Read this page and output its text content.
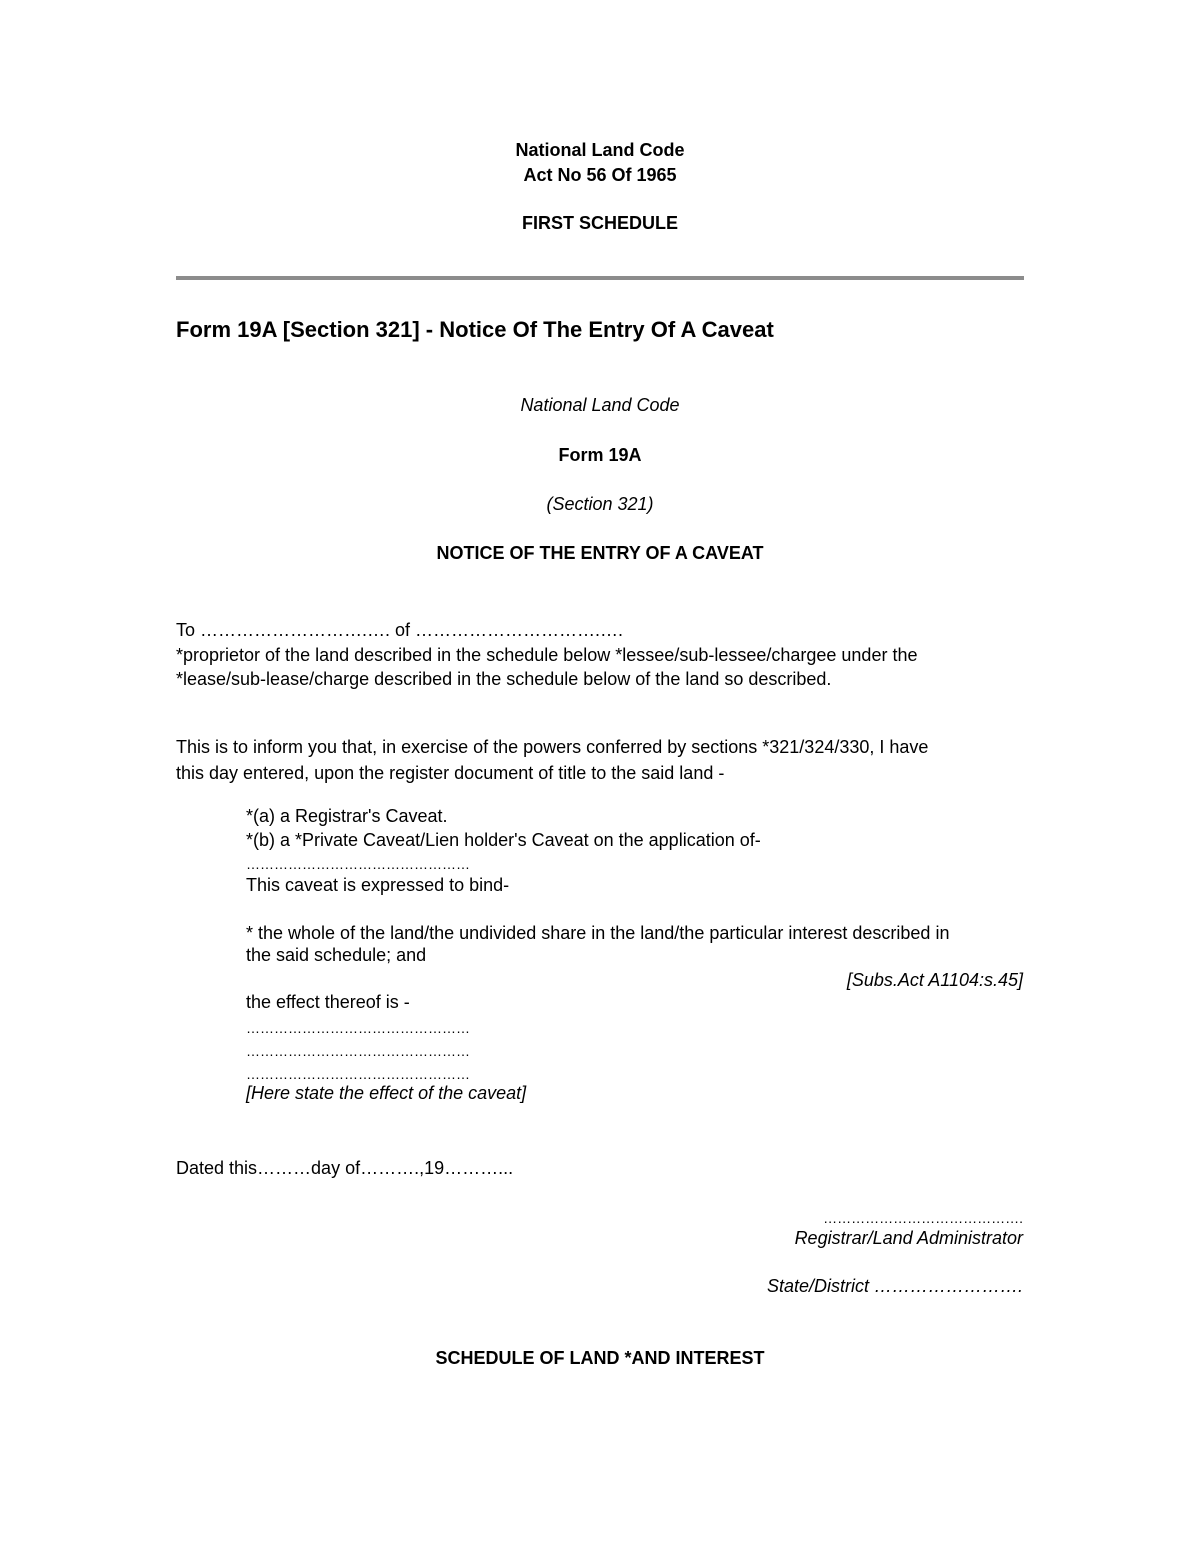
National Land Code
Act No 56 Of 1965
FIRST SCHEDULE
Form 19A [Section 321] - Notice Of The Entry Of A Caveat
National Land Code
Form 19A
(Section 321)
NOTICE OF THE ENTRY OF A CAVEAT
To ……………………….…. of ………………………….….
*proprietor of the land described in the schedule below *lessee/sub-lessee/chargee under the
*lease/sub-lease/charge described in the schedule below of the land so described.
This is to inform you that, in exercise of the powers conferred by sections *321/324/330, I have
this day entered, upon the register document of title to the said land -
*(a) a Registrar's Caveat.
*(b) a *Private Caveat/Lien holder's Caveat on the application of-
…………………………………………
This caveat is expressed to bind-
* the whole of the land/the undivided share in the land/the particular interest described in
the said schedule; and
[Subs.Act A1104:s.45]
the effect thereof is -
…………………………………………
…………………………………………
…………………………………………
[Here state the effect of the caveat]
Dated this………day of……….,19………...
…………………………………….
Registrar/Land Administrator
State/District …………………….
SCHEDULE OF LAND *AND INTEREST
